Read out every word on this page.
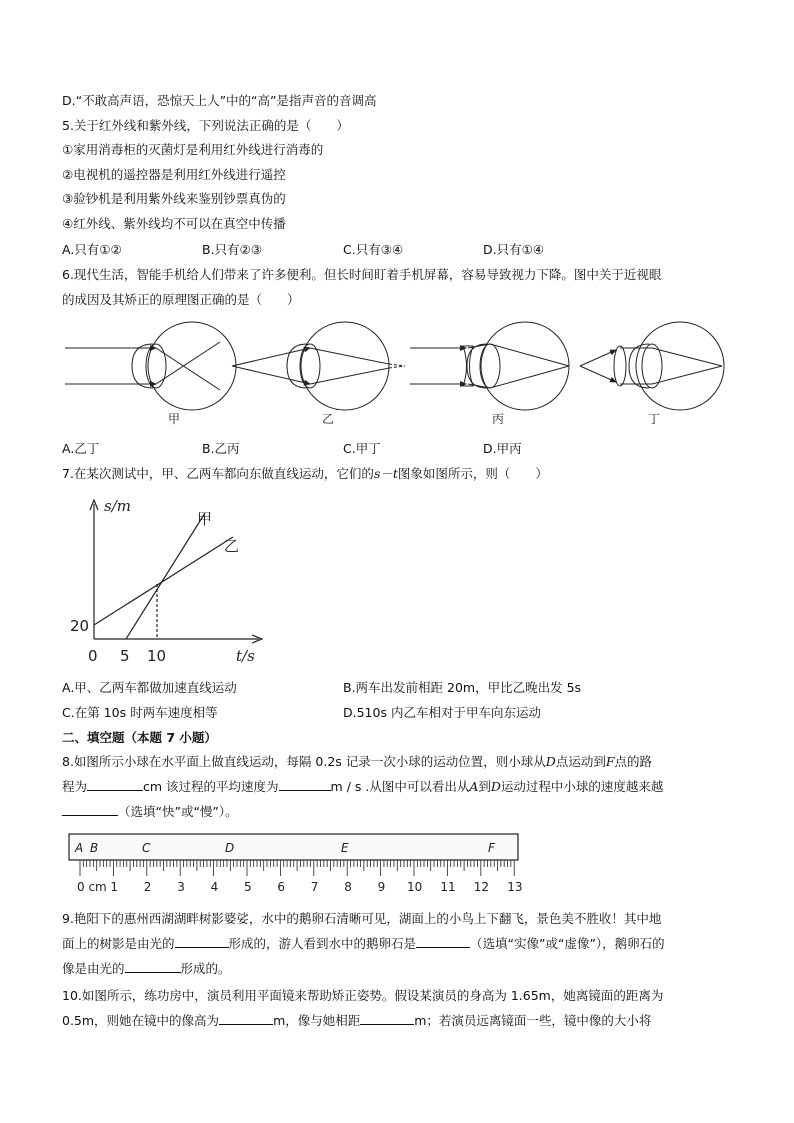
D.“不敢高声语，恐惊天上人”中的“高”是指声音的音调高
5.关于红外线和紫外线，下列说法正确的是（　　）
①家用消毒柜的灭菌灯是利用红外线进行消毒的
②电视机的遥控器是利用红外线进行遥控
③验钞机是利用紫外线来鉴别钞票真伪的
④红外线、紫外线均不可以在真空中传播
A.只有①②	B.只有②③	C.只有③④	D.只有①④
6.现代生活，智能手机给人们带来了许多便利。但长时间盯着手机屏幕，容易导致视力下降。图中关于近视眼
的成因及其矫正的原理图正确的是（　　）
甲	乙	丙	丁
A.乙丁	B.乙丙	C.甲丁	D.甲丙
7.在某次测试中，甲、乙两车都向东做直线运动，它们的s－t图象如图所示，则（　　）
s/m
t/s
甲
乙
20
0 5 10
A.甲、乙两车都做加速直线运动	B.两车出发前相距 20m，甲比乙晚出发 5s
C.在第 10s 时两车速度相等	D.510s 内乙车相对于甲车向东运动
二、填空题（本题 7 小题）
8.如图所示小球在水平面上做直线运动，每隔 0.2s 记录一次小球的运动位置，则小球从D点运动到F点的路
程为	cm 该过程的平均速度为	m / s .从图中可以看出从A到D运动过程中小球的速度越来越
（选填“快”或“慢”）。
A B	C	D	E	F
0 cm 1 2 3 4 5 6 7 8 9 10 11 12 13
9.艳阳下的惠州西湖湖畔树影婆娑，水中的鹅卵石清晰可见，湖面上的小鸟上下翻飞，景色美不胜收！其中地
面上的树影是由光的	形成的，游人看到水中的鹅卵石是	（选填“实像”或“虚像”），鹅卵石的
像是由光的	形成的。
10.如图所示，练功房中，演员利用平面镜来帮助矫正姿势。假设某演员的身高为 1.65m，她离镜面的距离为
0.5m，则她在镜中的像高为	m，像与她相距	m；若演员远离镜面一些，镜中像的大小将
